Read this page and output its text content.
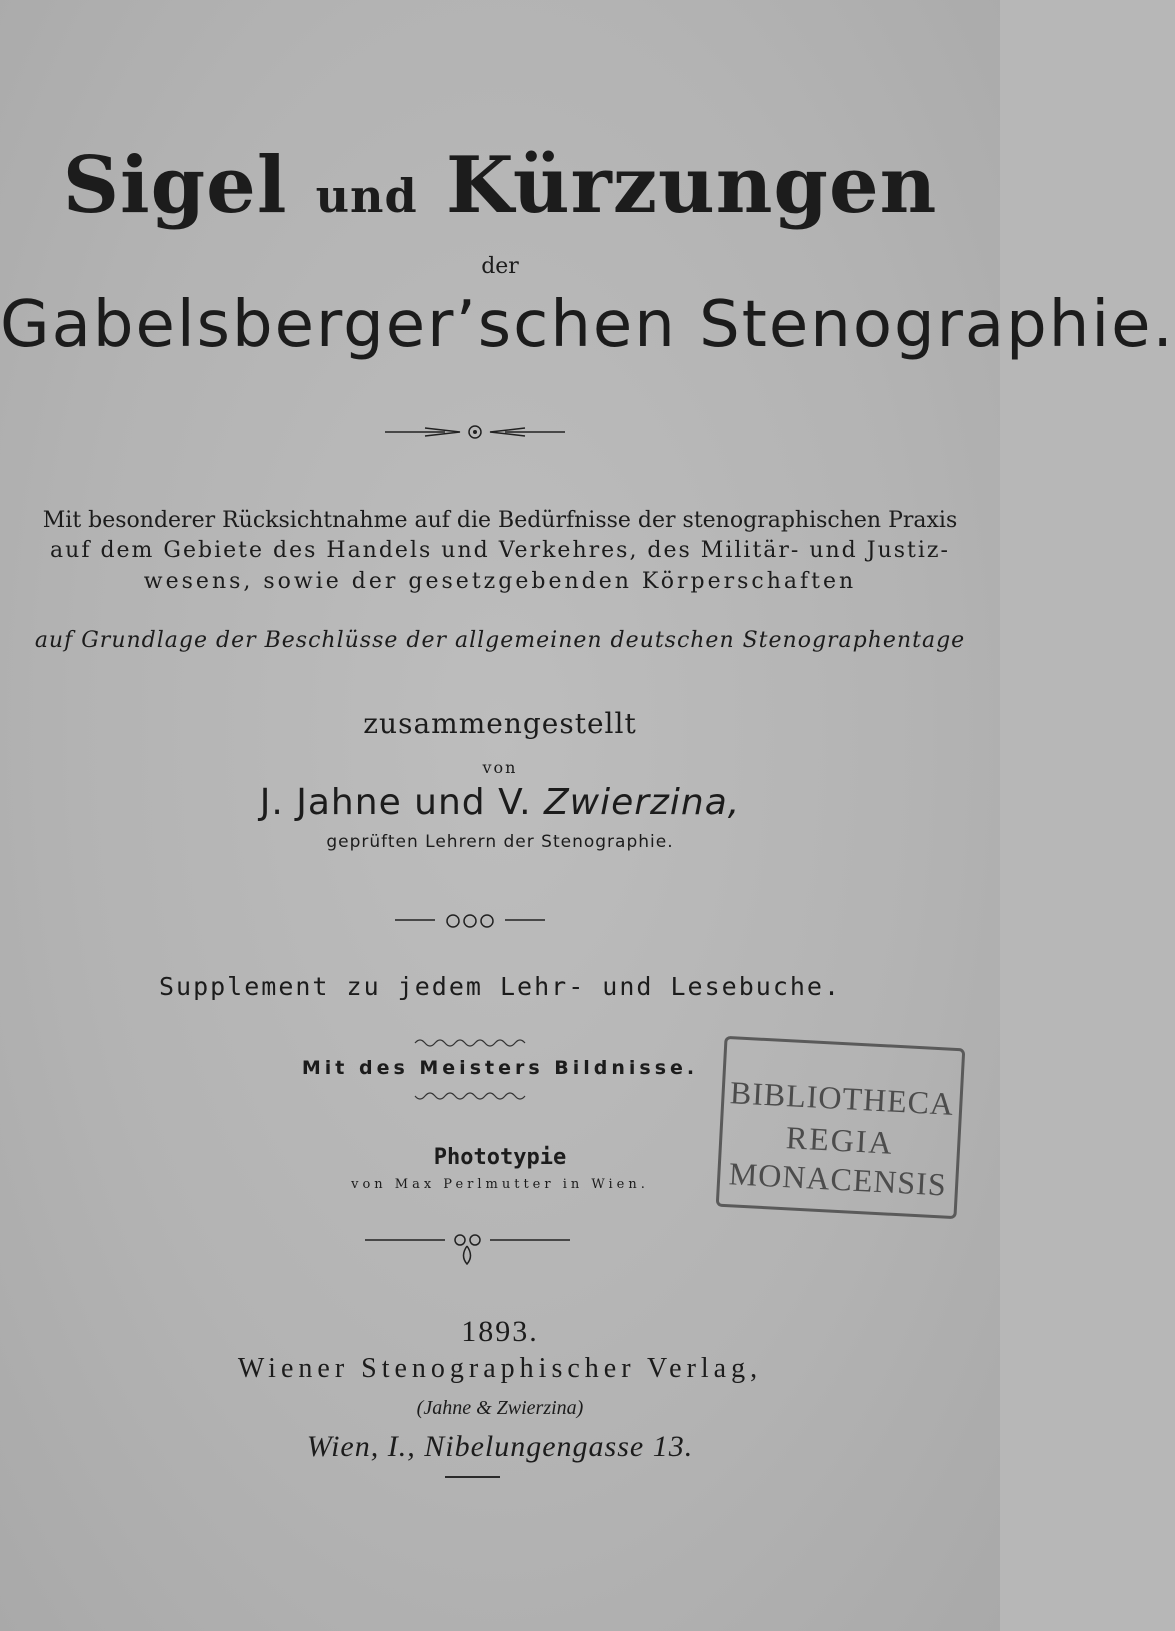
Sigel und Kürzungen
der
Gabelsberger’schen Stenographie.
Mit besonderer Rücksichtnahme auf die Bedürfnisse der stenographischen Praxis
auf dem Gebiete des Handels und Verkehres, des Militär- und Justiz-
wesens, sowie der gesetzgebenden Körperschaften
auf Grundlage der Beschlüsse der allgemeinen deutschen Stenographentage
zusammengestellt
von
J. Jahne und V. Zwierzina,
geprüften Lehrern der Stenographie.
Supplement zu jedem Lehr- und Lesebuche.
Mit des Meisters Bildnisse.
Phototypie
von Max Perlmutter in Wien.
1893.
Wiener Stenographischer Verlag,
(Jahne & Zwierzina)
Wien, I., Nibelungengasse 13.
BIBLIOTHECA
REGIA
MONACENSIS
